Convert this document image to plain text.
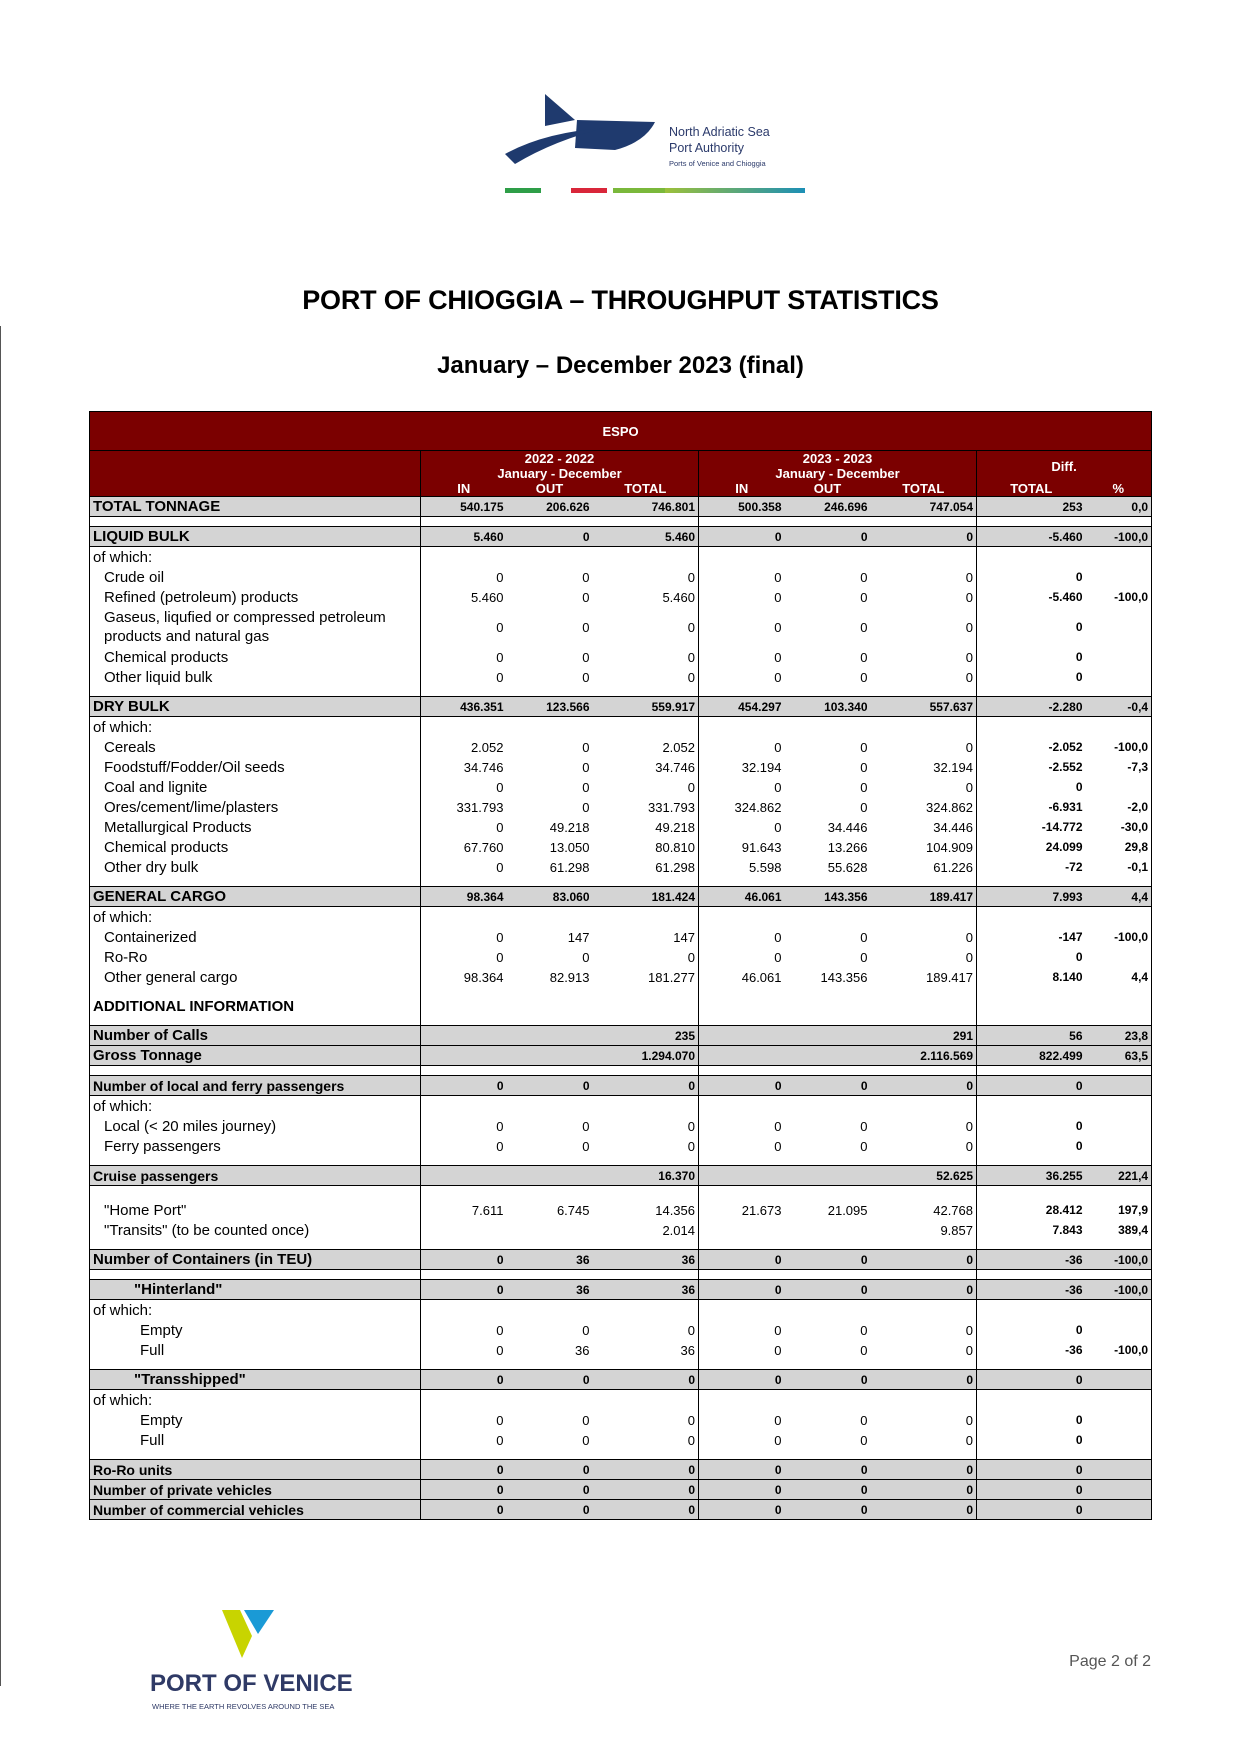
North Adriatic Sea
Port Authority
Ports of Venice and Chioggia
PORT OF CHIOGGIA – THROUGHPUT STATISTICS
January – December 2023 (final)
ESPO								
	2022 - 2022			2023 - 2023			Diff.	
	January - December			January - December				
	IN	OUT	TOTAL	IN	OUT	TOTAL	TOTAL	%
TOTAL TONNAGE	540.175	206.626	746.801	500.358	246.696	747.054	253	0,0

LIQUID BULK	5.460	0	5.460	0	0	0	-5.460	-100,0
of which:								
Crude oil	0	0	0	0	0	0	0	
Refined (petroleum) products	5.460	0	5.460	0	0	0	-5.460	-100,0
Gaseus, liqufied or compressed petroleum products and natural gas	0	0	0	0	0	0	0	
Chemical products	0	0	0	0	0	0	0	
Other liquid bulk	0	0	0	0	0	0	0	

DRY BULK	436.351	123.566	559.917	454.297	103.340	557.637	-2.280	-0,4
of which:								
Cereals	2.052	0	2.052	0	0	0	-2.052	-100,0
Foodstuff/Fodder/Oil seeds	34.746	0	34.746	32.194	0	32.194	-2.552	-7,3
Coal and lignite	0	0	0	0	0	0	0	
Ores/cement/lime/plasters	331.793	0	331.793	324.862	0	324.862	-6.931	-2,0
Metallurgical Products	0	49.218	49.218	0	34.446	34.446	-14.772	-30,0
Chemical products	67.760	13.050	80.810	91.643	13.266	104.909	24.099	29,8
Other dry bulk	0	61.298	61.298	5.598	55.628	61.226	-72	-0,1

GENERAL CARGO	98.364	83.060	181.424	46.061	143.356	189.417	7.993	4,4
of which:								
Containerized	0	147	147	0	0	0	-147	-100,0
Ro-Ro	0	0	0	0	0	0	0	
Other general cargo	98.364	82.913	181.277	46.061	143.356	189.417	8.140	4,4
ADDITIONAL INFORMATION								
Number of Calls			235			291	56	23,8
Gross Tonnage			1.294.070			2.116.569	822.499	63,5

Number of local and ferry passengers	0	0	0	0	0	0	0	
of which:								
Local (< 20 miles journey)	0	0	0	0	0	0	0	
Ferry passengers	0	0	0	0	0	0	0	

Cruise passengers			16.370			52.625	36.255	221,4

"Home Port"	7.611	6.745	14.356	21.673	21.095	42.768	28.412	197,9
"Transits" (to be counted once)			2.014			9.857	7.843	389,4

Number of Containers (in TEU)	0	36	36	0	0	0	-36	-100,0

"Hinterland"	0	36	36	0	0	0	-36	-100,0
of which:								
Empty	0	0	0	0	0	0	0	
Full	0	36	36	0	0	0	-36	-100,0

"Transshipped"	0	0	0	0	0	0	0	
of which:								
Empty	0	0	0	0	0	0	0	
Full	0	0	0	0	0	0	0	

Ro-Ro units	0	0	0	0	0	0	0	
Number of private vehicles	0	0	0	0	0	0	0	
Number of commercial vehicles	0	0	0	0	0	0	0	
PORT OF VENICE
WHERE THE EARTH REVOLVES AROUND THE SEA
Page 2 of 2
